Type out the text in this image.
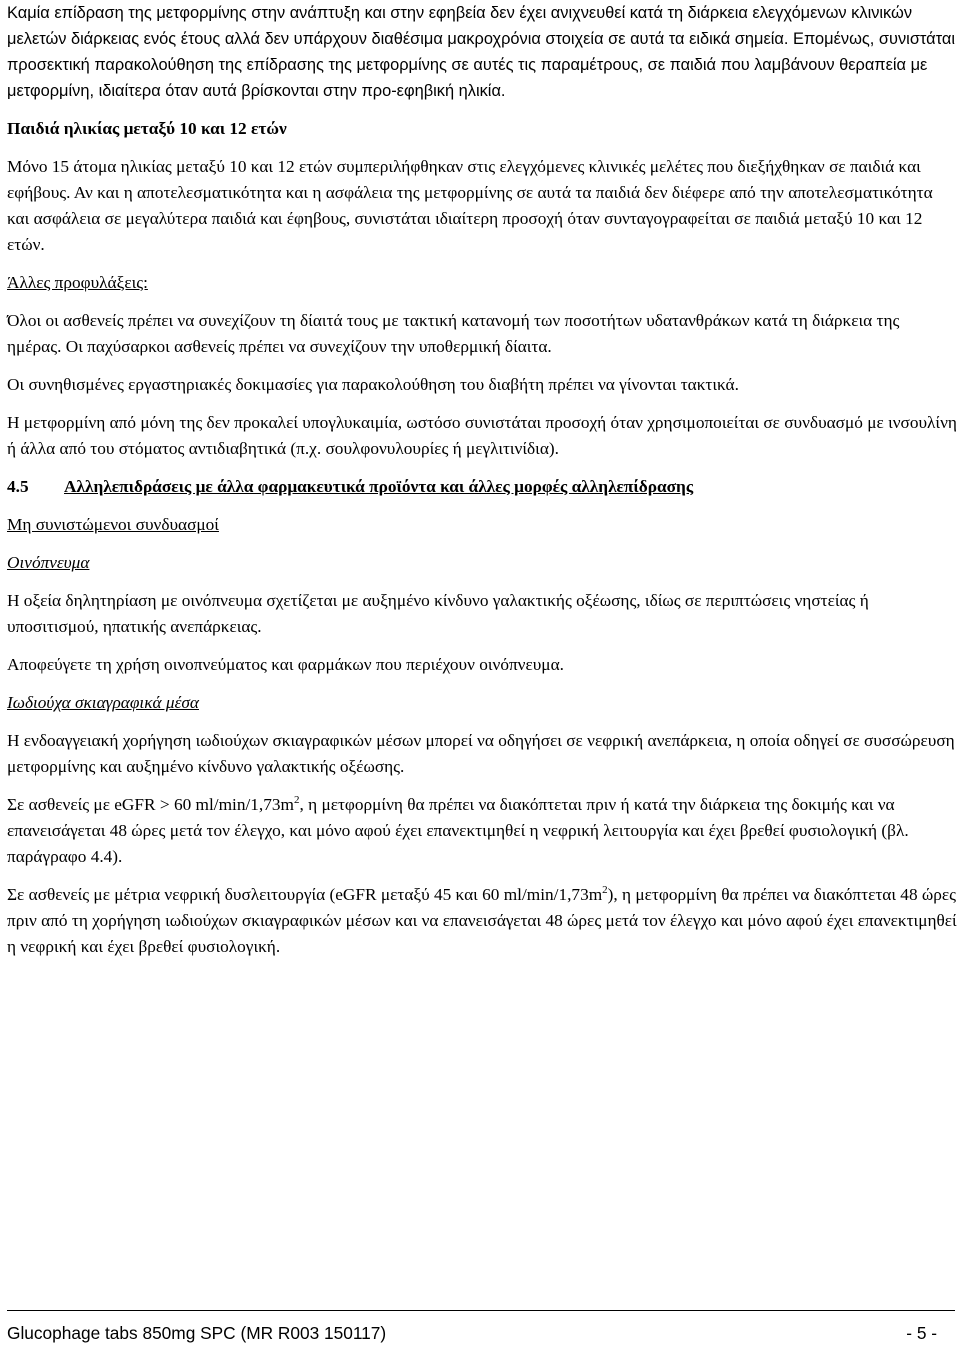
Καμία επίδραση της μετφορμίνης στην ανάπτυξη και στην εφηβεία δεν έχει ανιχνευθεί κατά τη διάρκεια ελεγχόμενων κλινικών μελετών διάρκειας ενός έτους αλλά δεν υπάρχουν διαθέσιμα μακροχρόνια στοιχεία σε αυτά τα ειδικά σημεία. Επομένως, συνιστάται προσεκτική παρακολούθηση της επίδρασης της μετφορμίνης σε αυτές τις παραμέτρους, σε παιδιά που λαμβάνουν θεραπεία με μετφορμίνη, ιδιαίτερα όταν αυτά βρίσκονται στην προ-εφηβική ηλικία.

Παιδιά ηλικίας μεταξύ 10 και 12 ετών

Μόνο 15 άτομα ηλικίας μεταξύ 10 και 12 ετών συμπεριλήφθηκαν στις ελεγχόμενες κλινικές μελέτες που διεξήχθηκαν σε παιδιά και εφήβους. Αν και η αποτελεσματικότητα και η ασφάλεια της μετφορμίνης σε αυτά τα παιδιά δεν διέφερε από την αποτελεσματικότητα και ασφάλεια σε μεγαλύτερα παιδιά και έφηβους, συνιστάται ιδιαίτερη προσοχή όταν συνταγογραφείται σε παιδιά μεταξύ 10 και 12 ετών.

Άλλες προφυλάξεις:

Όλοι οι ασθενείς πρέπει να συνεχίζουν τη δίαιτά τους με τακτική κατανομή των ποσοτήτων υδατανθράκων κατά τη διάρκεια της ημέρας. Οι παχύσαρκοι ασθενείς πρέπει να συνεχίζουν την υποθερμική δίαιτα.

Οι συνηθισμένες εργαστηριακές δοκιμασίες για παρακολούθηση του διαβήτη πρέπει να γίνονται τακτικά.

Η μετφορμίνη από μόνη της δεν προκαλεί υπογλυκαιμία, ωστόσο συνιστάται προσοχή όταν χρησιμοποιείται σε συνδυασμό με ινσουλίνη ή άλλα από του στόματος αντιδιαβητικά (π.χ. σουλφονυλουρίες ή μεγλιτινίδια).

4.5	Αλληλεπιδράσεις με άλλα φαρμακευτικά προϊόντα και άλλες μορφές αλληλεπίδρασης

Μη συνιστώμενοι συνδυασμοί

Οινόπνευμα

Η οξεία δηλητηρίαση με οινόπνευμα σχετίζεται με αυξημένο κίνδυνο γαλακτικής οξέωσης, ιδίως σε περιπτώσεις νηστείας ή υποσιτισμού, ηπατικής ανεπάρκειας.

Αποφεύγετε τη χρήση οινοπνεύματος και φαρμάκων που περιέχουν οινόπνευμα.

Ιωδιούχα σκιαγραφικά μέσα

Η ενδοαγγειακή χορήγηση ιωδιούχων σκιαγραφικών μέσων μπορεί να οδηγήσει σε νεφρική ανεπάρκεια, η οποία οδηγεί σε συσσώρευση μετφορμίνης και αυξημένο κίνδυνο γαλακτικής οξέωσης.

Σε ασθενείς με eGFR > 60 $ml/\min/1,73m^2$, η μετφορμίνη θα πρέπει να διακόπτεται πριν ή κατά την διάρκεια της δοκιμής και να επανεισάγεται 48 ώρες μετά τον έλεγχο, και μόνο αφού έχει επανεκτιμηθεί η νεφρική λειτουργία και έχει βρεθεί φυσιολογική (βλ. παράγραφο 4.4).

Σε ασθενείς με μέτρια νεφρική δυσλειτουργία (eGFR μεταξύ 45 και 60 $ml/\min/1,73m^2$), η μετφορμίνη θα πρέπει να διακόπτεται 48 ώρες πριν από τη χορήγηση ιωδιούχων σκιαγραφικών μέσων και να επανεισάγεται 48 ώρες μετά τον έλεγχο και μόνο αφού έχει επανεκτιμηθεί η νεφρική και έχει βρεθεί φυσιολογική.

Glucophage tabs 850mg SPC (MR R003 150117)	- 5 -
